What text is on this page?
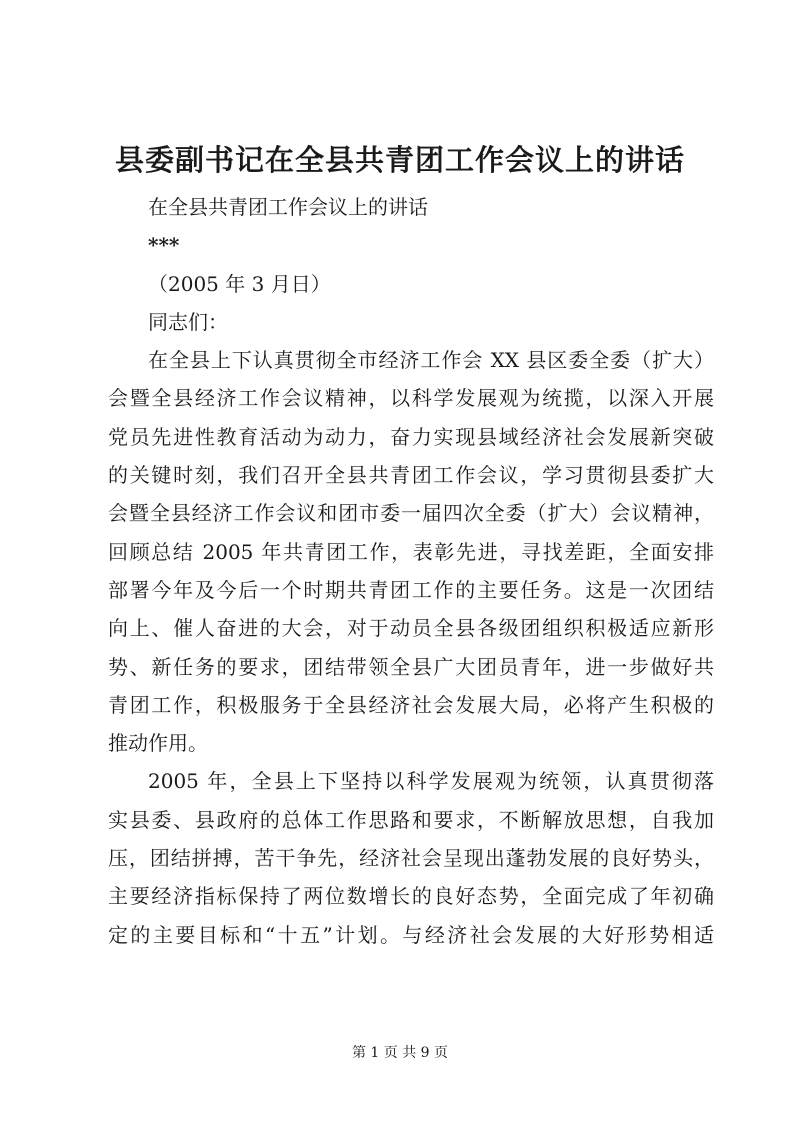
县委副书记在全县共青团工作会议上的讲话
在全县共青团工作会议上的讲话
***
（2005 年 3 月日）
同志们：
在全县上下认真贯彻全市经济工作会 XX 县区委全委（扩大）
会暨全县经济工作会议精神，以科学发展观为统揽，以深入开展
党员先进性教育活动为动力，奋力实现县域经济社会发展新突破
的关键时刻，我们召开全县共青团工作会议，学习贯彻县委扩大
会暨全县经济工作会议和团市委一届四次全委（扩大）会议精神，
回顾总结 2005 年共青团工作，表彰先进，寻找差距，全面安排
部署今年及今后一个时期共青团工作的主要任务。这是一次团结
向上、催人奋进的大会，对于动员全县各级团组织积极适应新形
势、新任务的要求，团结带领全县广大团员青年，进一步做好共
青团工作，积极服务于全县经济社会发展大局，必将产生积极的
推动作用。
2005 年，全县上下坚持以科学发展观为统领，认真贯彻落
实县委、县政府的总体工作思路和要求，不断解放思想，自我加
压，团结拼搏，苦干争先，经济社会呈现出蓬勃发展的良好势头，
主要经济指标保持了两位数增长的良好态势，全面完成了年初确
定的主要目标和“十五”计划。与经济社会发展的大好形势相适
第 1 页 共 9 页
